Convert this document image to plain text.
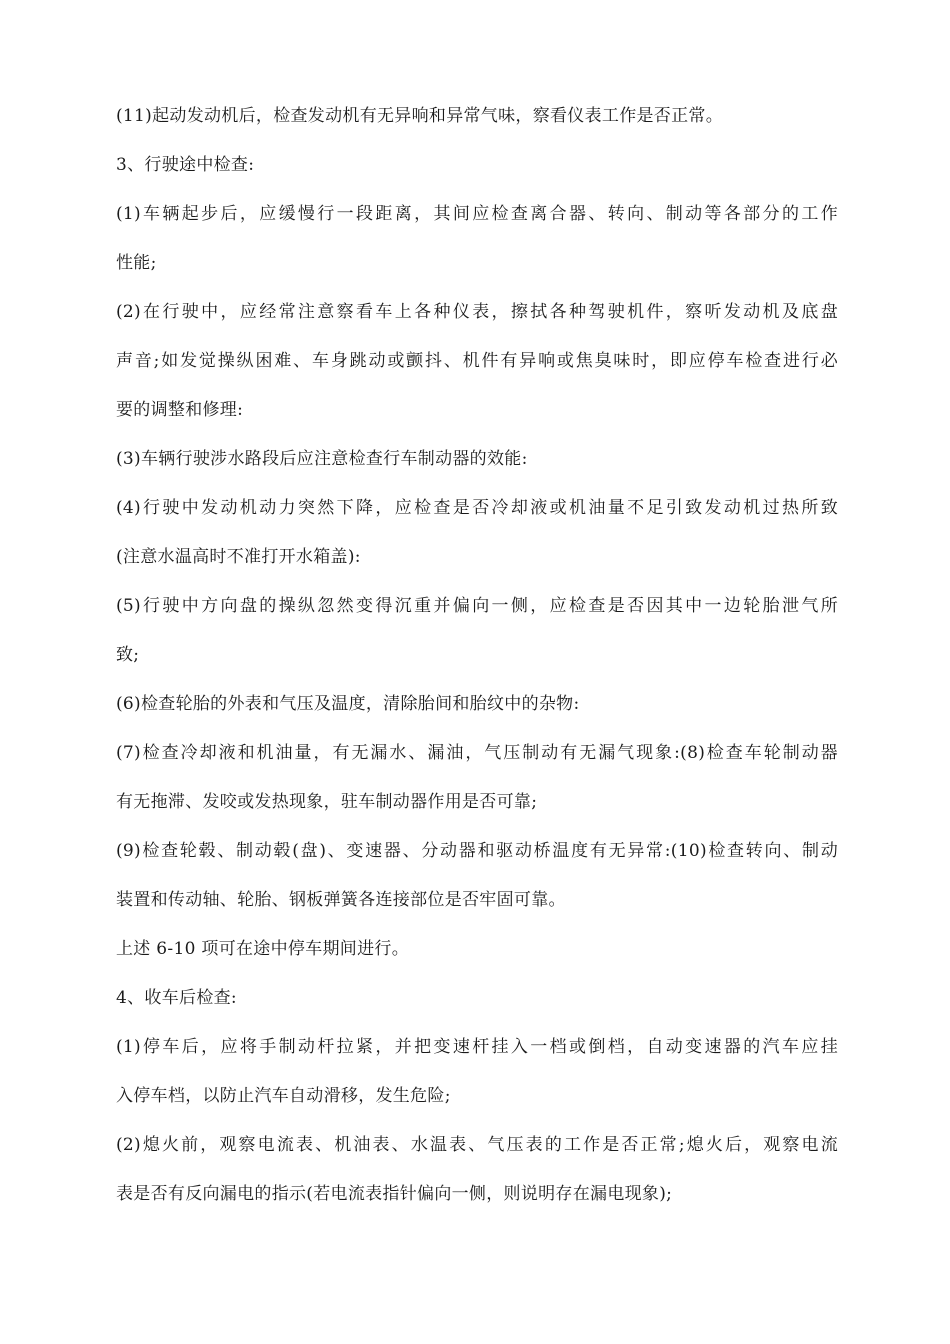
(11)起动发动机后，检查发动机有无异响和异常气味，察看仪表工作是否正常。

3、行驶途中检查:

(1)车辆起步后，应缓慢行一段距离，其间应检查离合器、转向、制动等各部分的工作

性能;

(2)在行驶中，应经常注意察看车上各种仪表，擦拭各种驾驶机件，察听发动机及底盘

声音;如发觉操纵困难、车身跳动或颤抖、机件有异响或焦臭味时，即应停车检查进行必

要的调整和修理:

(3)车辆行驶涉水路段后应注意检查行车制动器的效能:

(4)行驶中发动机动力突然下降，应检查是否冷却液或机油量不足引致发动机过热所致

(注意水温高时不准打开水箱盖):

(5)行驶中方向盘的操纵忽然变得沉重并偏向一侧，应检查是否因其中一边轮胎泄气所

致;

(6)检查轮胎的外表和气压及温度，清除胎间和胎纹中的杂物:

(7)检查冷却液和机油量，有无漏水、漏油，气压制动有无漏气现象:(8)检查车轮制动器

有无拖滞、发咬或发热现象，驻车制动器作用是否可靠;

(9)检查轮毂、制动毂(盘)、变速器、分动器和驱动桥温度有无异常:(10)检查转向、制动

装置和传动轴、轮胎、钢板弹簧各连接部位是否牢固可靠。

上述 6-10 项可在途中停车期间进行。

4、收车后检查:

(1)停车后，应将手制动杆拉紧，并把变速杆挂入一档或倒档，自动变速器的汽车应挂

入停车档，以防止汽车自动滑移，发生危险;

(2)熄火前，观察电流表、机油表、水温表、气压表的工作是否正常;熄火后，观察电流

表是否有反向漏电的指示(若电流表指针偏向一侧，则说明存在漏电现象);
